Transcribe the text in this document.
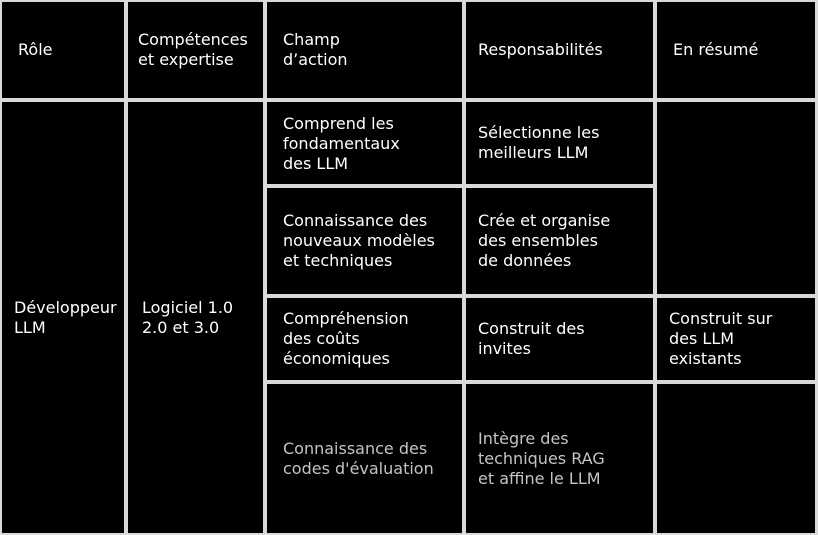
Rôle
Compétences et expertise
Champ d’action
Responsabilités	En résumé
Développeur LLM
Logiciel 1.0 2.0 et 3.0
Comprend les fondamentaux des LLM
Connaissance des nouveaux modèles et techniques
Compréhension des coûts économiques
Connaissance des codes d'évaluation
Sélectionne les meilleurs LLM
Crée et organise des ensembles de données
Construit des invites
Intègre des techniques RAG et affine le LLM
Construit sur des LLM existants
